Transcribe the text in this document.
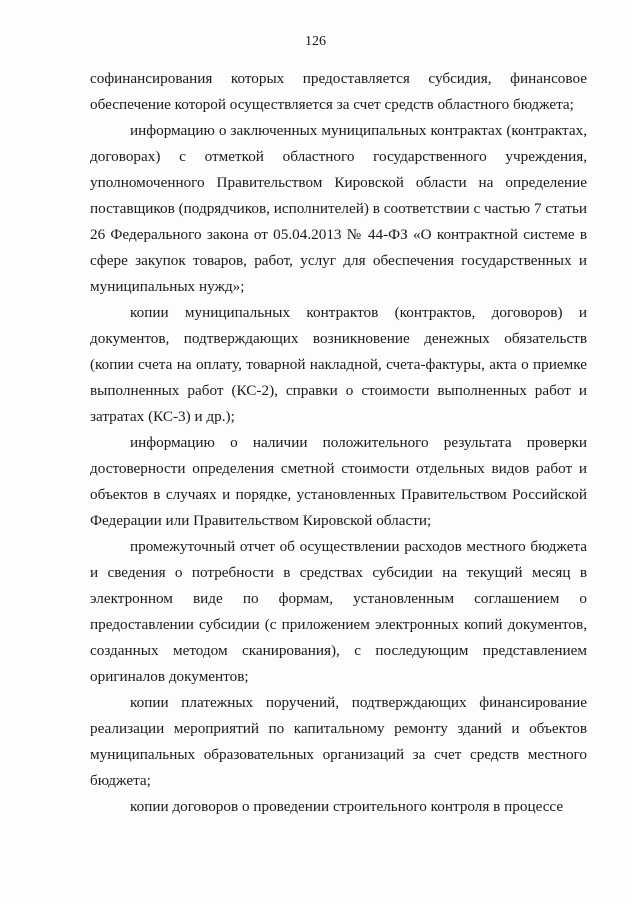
126

софинансирования которых предоставляется субсидия, финансовое обеспечение которой осуществляется за счет средств областного бюджета;

информацию о заключенных муниципальных контрактах (контрактах, договорах) с отметкой областного государственного учреждения, уполномоченного Правительством Кировской области на определение поставщиков (подрядчиков, исполнителей) в соответствии с частью 7 статьи 26 Федерального закона от 05.04.2013 № 44-ФЗ «О контрактной системе в сфере закупок товаров, работ, услуг для обеспечения государственных и муниципальных нужд»;

копии муниципальных контрактов (контрактов, договоров) и документов, подтверждающих возникновение денежных обязательств (копии счета на оплату, товарной накладной, счета-фактуры, акта о приемке выполненных работ (КС-2), справки о стоимости выполненных работ и затратах (КС-3) и др.);

информацию о наличии положительного результата проверки достоверности определения сметной стоимости отдельных видов работ и объектов в случаях и порядке, установленных Правительством Российской Федерации или Правительством Кировской области;

промежуточный отчет об осуществлении расходов местного бюджета и сведения о потребности в средствах субсидии на текущий месяц в электронном виде по формам, установленным соглашением о предоставлении субсидии (с приложением электронных копий документов, созданных методом сканирования), с последующим представлением оригиналов документов;

копии платежных поручений, подтверждающих финансирование реализации мероприятий по капитальному ремонту зданий и объектов муниципальных образовательных организаций за счет средств местного бюджета;

копии договоров о проведении строительного контроля в процессе
